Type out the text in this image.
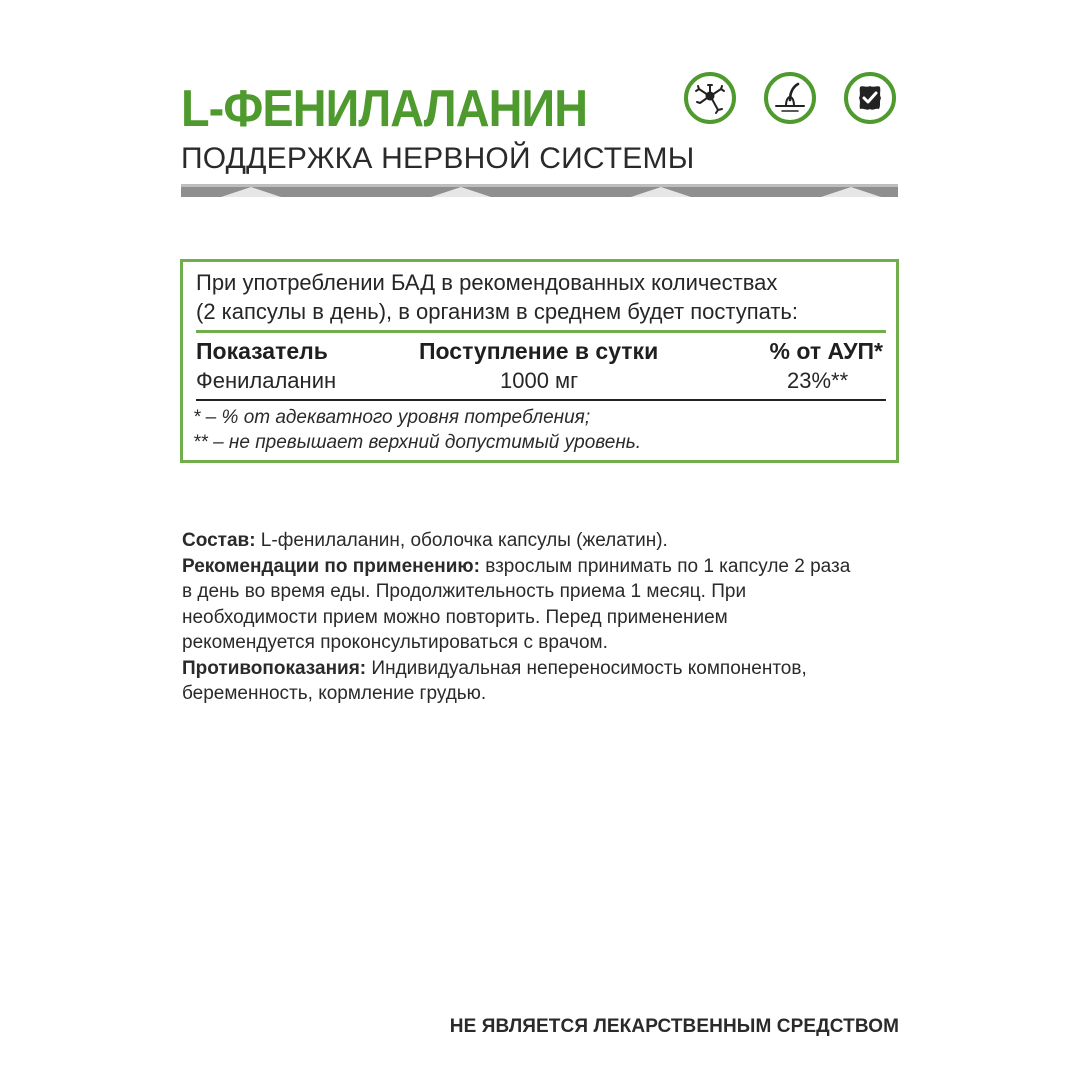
L-ФЕНИЛАЛАНИН
ПОДДЕРЖКА НЕРВНОЙ СИСТЕМЫ
При употреблении БАД в рекомендованных количествах
(2 капсулы в день), в организм в среднем будет поступать:
Показатель	Поступление в сутки	% от АУП*
Фенилаланин	1000 мг	23%**
* – % от адекватного уровня потребления;
** – не превышает верхний допустимый уровень.
Состав: L-фенилаланин, оболочка капсулы (желатин).
Рекомендации по применению: взрослым принимать по 1 капсуле 2 раза
в день во время еды. Продолжительность приема 1 месяц. При
необходимости прием можно повторить. Перед применением
рекомендуется проконсультироваться с врачом.
Противопоказания: Индивидуальная непереносимость компонентов,
беременность, кормление грудью.
НЕ ЯВЛЯЕТСЯ ЛЕКАРСТВЕННЫМ СРЕДСТВОМ
